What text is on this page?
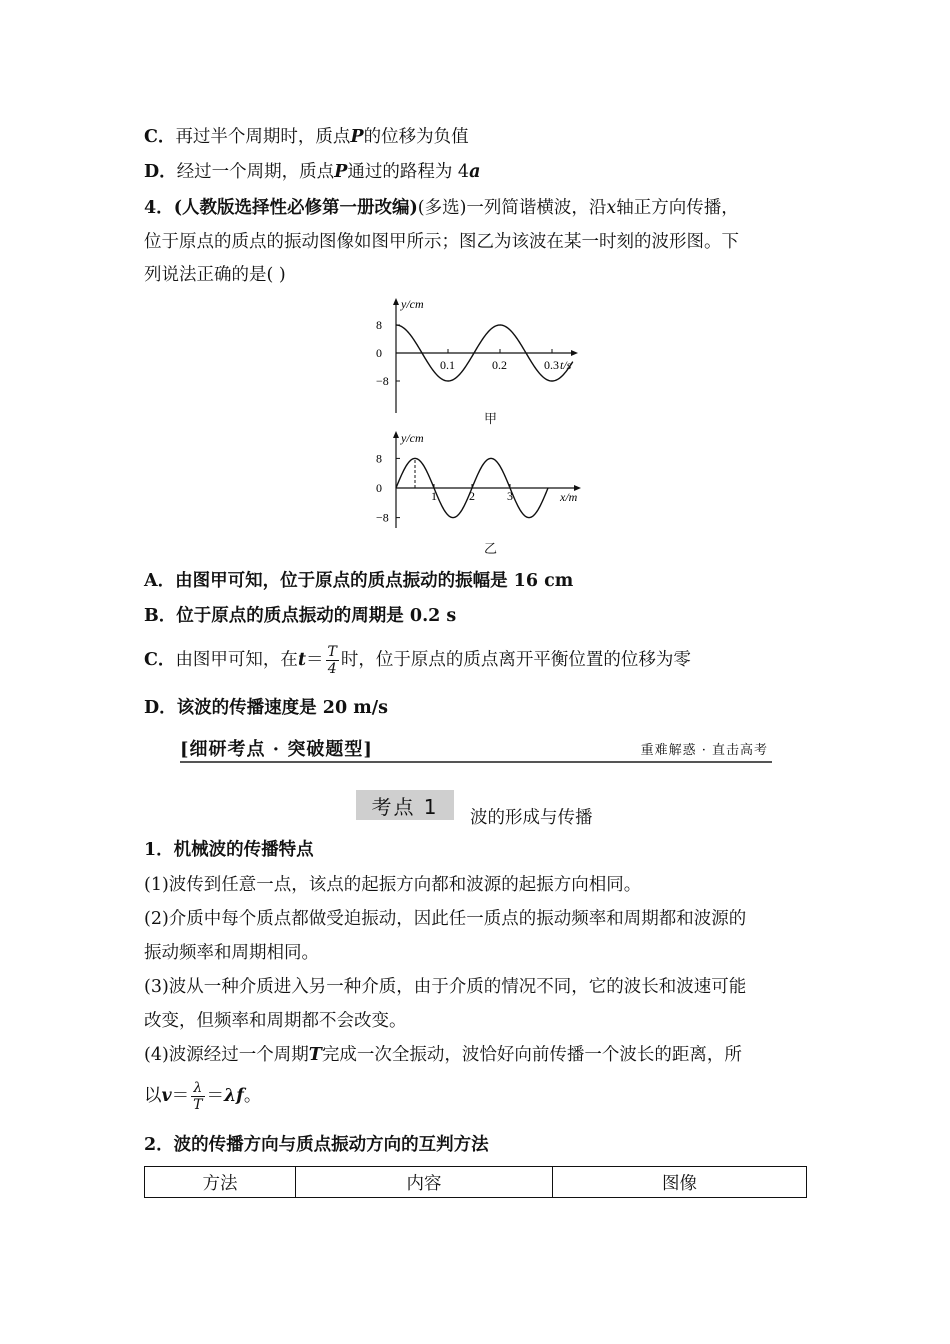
C．再过半个周期时，质点P的位移为负值
D．经过一个周期，质点P通过的路程为 4a
4．(人教版选择性必修第一册改编)(多选)一列简谐横波，沿x轴正方向传播，
位于原点的质点的振动图像如图甲所示；图乙为该波在某一时刻的波形图。下
列说法正确的是( )
y/cm
t/s
8
0
−8
0.1	0.2	0.3
甲
y/cm
x/m
8
0
−8
1	2	3
乙
A．由图甲可知，位于原点的质点振动的振幅是 16 cm
B．位于原点的质点振动的周期是 0.2 s
C．由图甲可知，在$t= \frac{T}{4}$ 时，位于原点的质点离开平衡位置的位移为零
D．该波的传播速度是 20 m/s
[细研考点 · 突破题型]	重难解惑 · 直击高考
考点 1 波的形成与传播
1．机械波的传播特点
(1)波传到任意一点，该点的起振方向都和波源的起振方向相同。
(2)介质中每个质点都做受迫振动，因此任一质点的振动频率和周期都和波源的
振动频率和周期相同。
(3)波从一种介质进入另一种介质，由于介质的情况不同，它的波长和波速可能
改变，但频率和周期都不会改变。
(4)波源经过一个周期T完成一次全振动，波恰好向前传播一个波长的距离，所
以$v= \frac{\lambda}{T} =\lambda f$。
2．波的传播方向与质点振动方向的互判方法
方法	内容	图像
